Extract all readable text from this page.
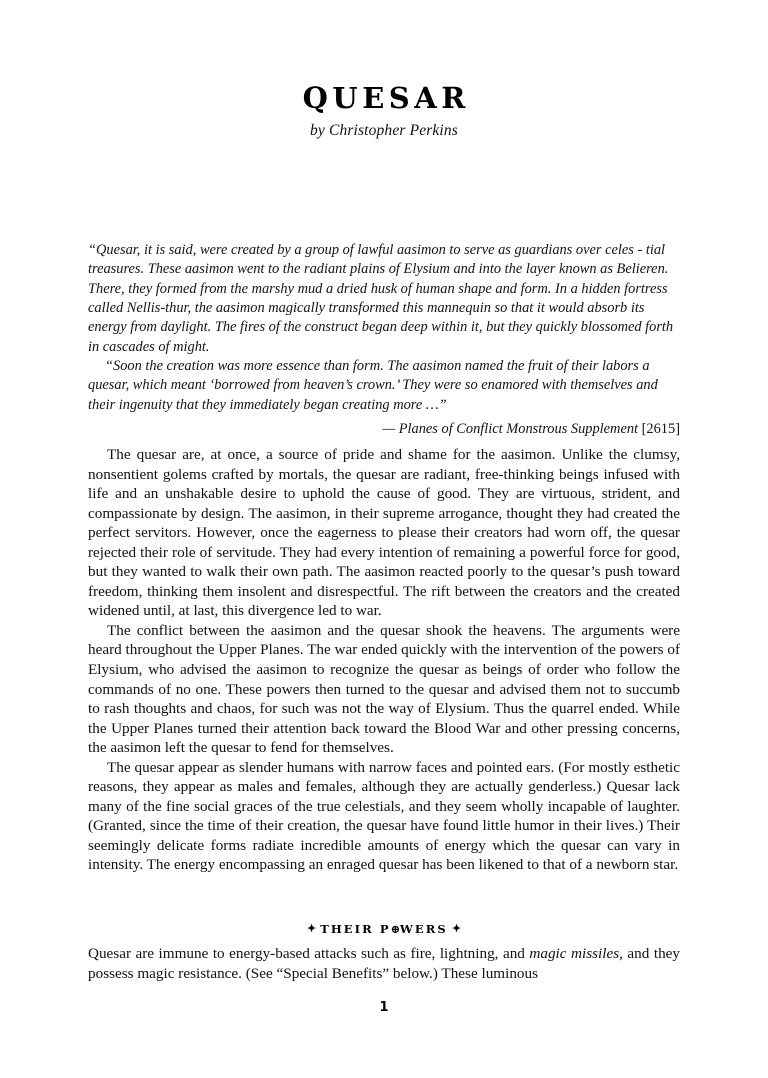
QUESAR

by Christopher Perkins

“Quesar, it is said, were created by a group of lawful aasimon to serve as guardians over celes - tial treasures. These aasimon went to the radiant plains of Elysium and into the layer known as Belieren. There, they formed from the marshy mud a dried husk of human shape and form. In a hidden fortress called Nellis-thur, the aasimon magically transformed this mannequin so that it would absorb its energy from daylight. The fires of the construct began deep within it, but they quickly blossomed forth in cascades of might.

“Soon the creation was more essence than form. The aasimon named the fruit of their labors a quesar, which meant ‘borrowed from heaven’s crown.’ They were so enamored with themselves and their ingenuity that they immediately began creating more …”

— Planes of Conflict Monstrous Supplement [2615]

The quesar are, at once, a source of pride and shame for the aasimon. Unlike the clumsy, nonsentient golems crafted by mortals, the quesar are radiant, free-thinking beings infused with life and an unshakable desire to uphold the cause of good. They are virtuous, strident, and compassionate by design. The aasimon, in their supreme arrogance, thought they had created the perfect servitors. However, once the eagerness to please their creators had worn off, the quesar rejected their role of servitude. They had every intention of remaining a powerful force for good, but they wanted to walk their own path. The aasimon reacted poorly to the quesar’s push toward freedom, thinking them insolent and disrespectful. The rift between the creators and the created widened until, at last, this divergence led to war.

The conflict between the aasimon and the quesar shook the heavens. The arguments were heard throughout the Upper Planes. The war ended quickly with the intervention of the powers of Elysium, who advised the aasimon to recognize the quesar as beings of order who follow the commands of no one. These powers then turned to the quesar and advised them not to succumb to rash thoughts and chaos, for such was not the way of Elysium. Thus the quarrel ended. While the Upper Planes turned their attention back toward the Blood War and other pressing concerns, the aasimon left the quesar to fend for themselves.

The quesar appear as slender humans with narrow faces and pointed ears. (For mostly esthetic reasons, they appear as males and females, although they are actually genderless.) Quesar lack many of the fine social graces of the true celestials, and they seem wholly incapable of laughter. (Granted, since the time of their creation, the quesar have found little humor in their lives.) Their seemingly delicate forms radiate incredible amounts of energy which the quesar can vary in intensity. The energy encompassing an enraged quesar has been likened to that of a newborn star.

✦ THEIR P⊕WERS ✦

Quesar are immune to energy-based attacks such as fire, lightning, and magic missiles, and they possess magic resistance. (See “Special Benefits” below.) These luminous

1
